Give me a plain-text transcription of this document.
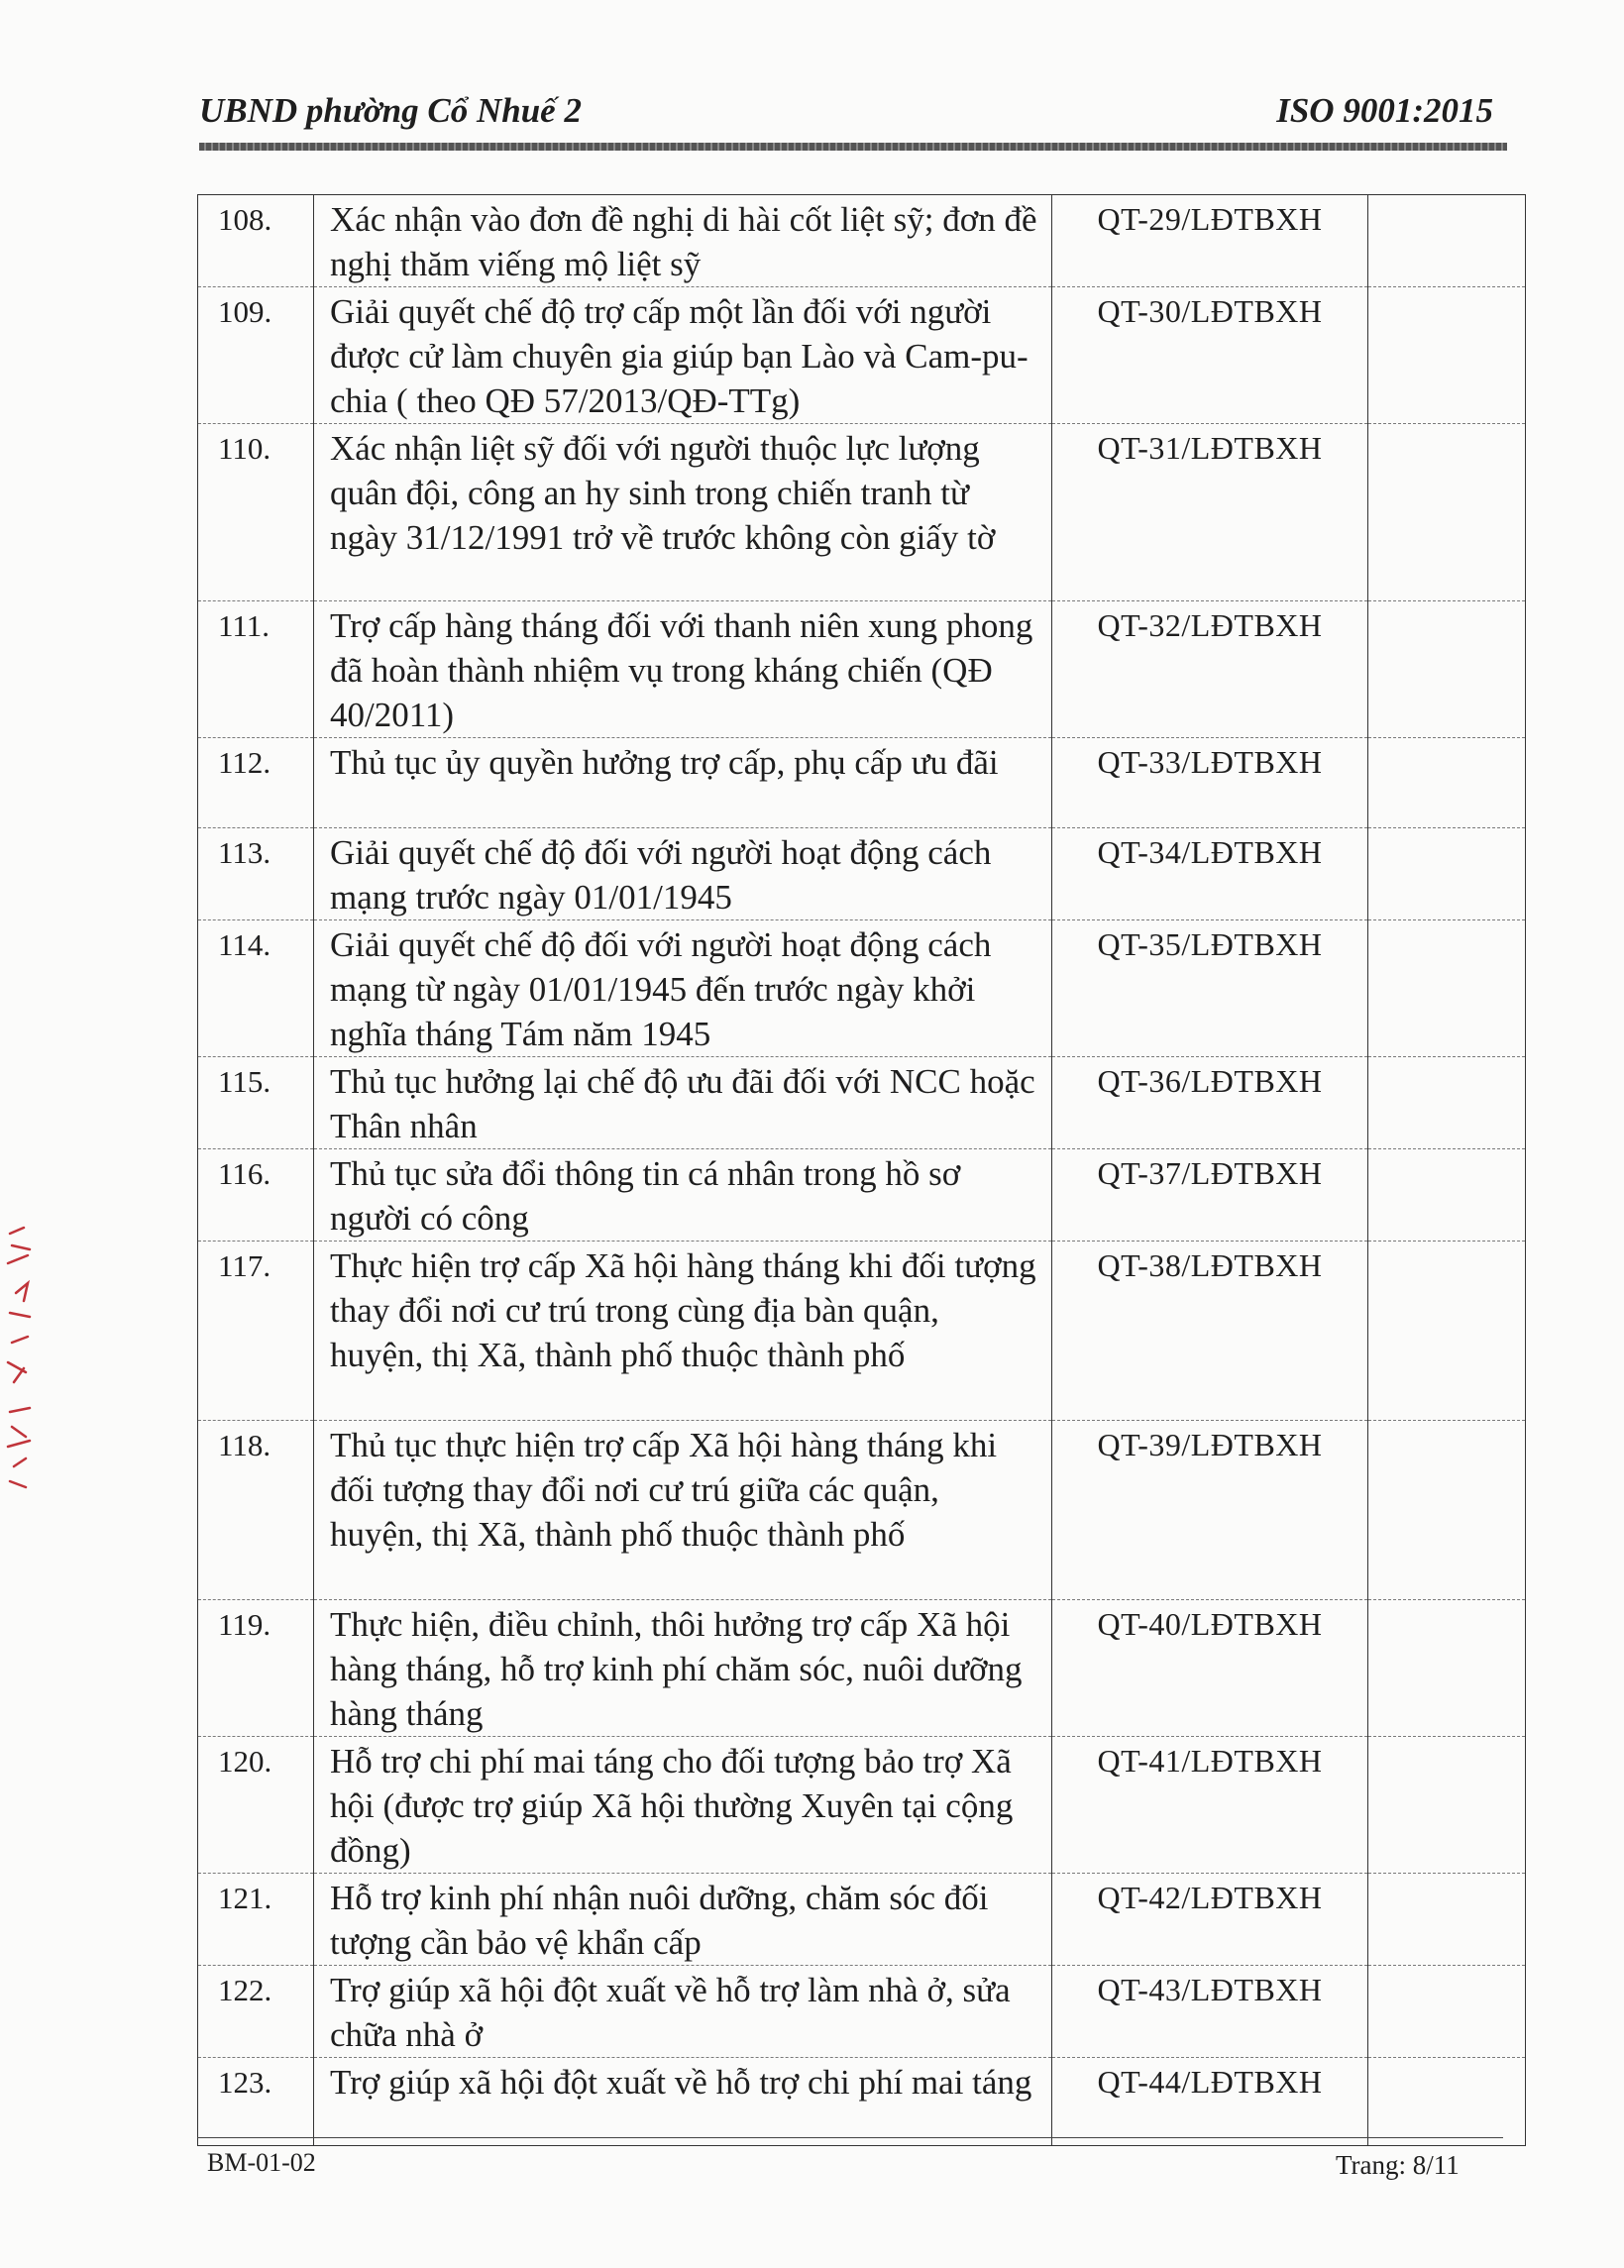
UBND phường Cổ Nhuế 2	ISO 9001:2015
108.	Xác nhận vào đơn đề nghị di hài cốt liệt sỹ; đơn đề nghị thăm viếng mộ liệt sỹ	QT-29/LĐTBXH	
109.	Giải quyết chế độ trợ cấp một lần đối với người được cử làm chuyên gia giúp bạn Lào và Cam-pu-chia ( theo QĐ 57/2013/QĐ-TTg)	QT-30/LĐTBXH	
110.	Xác nhận liệt sỹ đối với người thuộc lực lượng quân đội, công an hy sinh trong chiến tranh từ ngày 31/12/1991 trở về trước không còn giấy tờ	QT-31/LĐTBXH	
111.	Trợ cấp hàng tháng đối với thanh niên xung phong đã hoàn thành nhiệm vụ trong kháng chiến (QĐ 40/2011)	QT-32/LĐTBXH	
112.	Thủ tục ủy quyền hưởng trợ cấp, phụ cấp ưu đãi	QT-33/LĐTBXH	
113.	Giải quyết chế độ đối với người hoạt động cách mạng trước ngày 01/01/1945	QT-34/LĐTBXH	
114.	Giải quyết chế độ đối với người hoạt động cách mạng từ ngày 01/01/1945 đến trước ngày khởi nghĩa tháng Tám năm 1945	QT-35/LĐTBXH	
115.	Thủ tục hưởng lại chế độ ưu đãi đối với NCC hoặc Thân nhân	QT-36/LĐTBXH	
116.	Thủ tục sửa đổi thông tin cá nhân trong hồ sơ người có công	QT-37/LĐTBXH	
117.	Thực hiện trợ cấp Xã hội hàng tháng khi đối tượng thay đổi nơi cư trú trong cùng địa bàn quận, huyện, thị Xã, thành phố thuộc thành phố	QT-38/LĐTBXH	
118.	Thủ tục thực hiện trợ cấp Xã hội hàng tháng khi đối tượng thay đổi nơi cư trú giữa các quận, huyện, thị Xã, thành phố thuộc thành phố	QT-39/LĐTBXH	
119.	Thực hiện, điều chỉnh, thôi hưởng trợ cấp Xã hội hàng tháng, hỗ trợ kinh phí chăm sóc, nuôi dưỡng hàng tháng	QT-40/LĐTBXH	
120.	Hỗ trợ chi phí mai táng cho đối tượng bảo trợ Xã hội (được trợ giúp Xã hội thường Xuyên tại cộng đồng)	QT-41/LĐTBXH	
121.	Hỗ trợ kinh phí nhận nuôi dưỡng, chăm sóc đối tượng cần bảo vệ khẩn cấp	QT-42/LĐTBXH	
122.	Trợ giúp xã hội đột xuất về hỗ trợ làm nhà ở, sửa chữa nhà ở	QT-43/LĐTBXH	
123.	Trợ giúp xã hội đột xuất về hỗ trợ chi phí mai táng	QT-44/LĐTBXH	
BM-01-02	Trang: 8/11
